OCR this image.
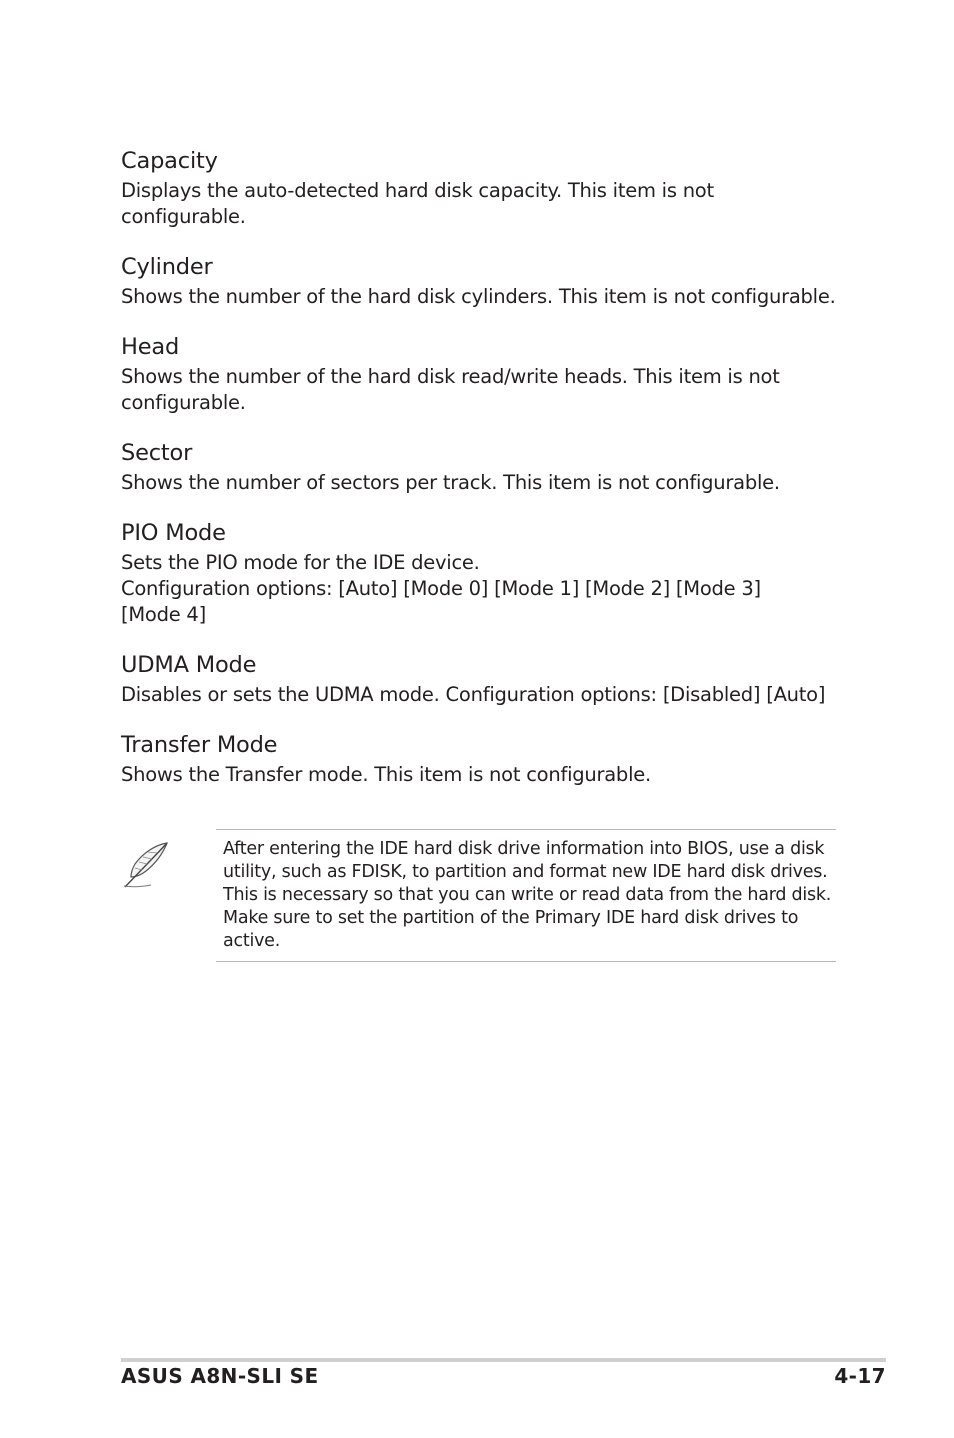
Capacity

Displays the auto-detected hard disk capacity. This item is not
configurable.

Cylinder

Shows the number of the hard disk cylinders. This item is not configurable.

Head

Shows the number of the hard disk read/write heads. This item is not
configurable.

Sector

Shows the number of sectors per track. This item is not configurable.

PIO Mode

Sets the PIO mode for the IDE device.
Configuration options: [Auto] [Mode 0] [Mode 1] [Mode 2] [Mode 3]
[Mode 4]

UDMA Mode

Disables or sets the UDMA mode. Configuration options: [Disabled] [Auto]

Transfer Mode

Shows the Transfer mode. This item is not configurable.

After entering the IDE hard disk drive information into BIOS, use a disk
utility, such as FDISK, to partition and format new IDE hard disk drives.
This is necessary so that you can write or read data from the hard disk.
Make sure to set the partition of the Primary IDE hard disk drives to
active.
ASUS A8N-SLI SE	4-17
